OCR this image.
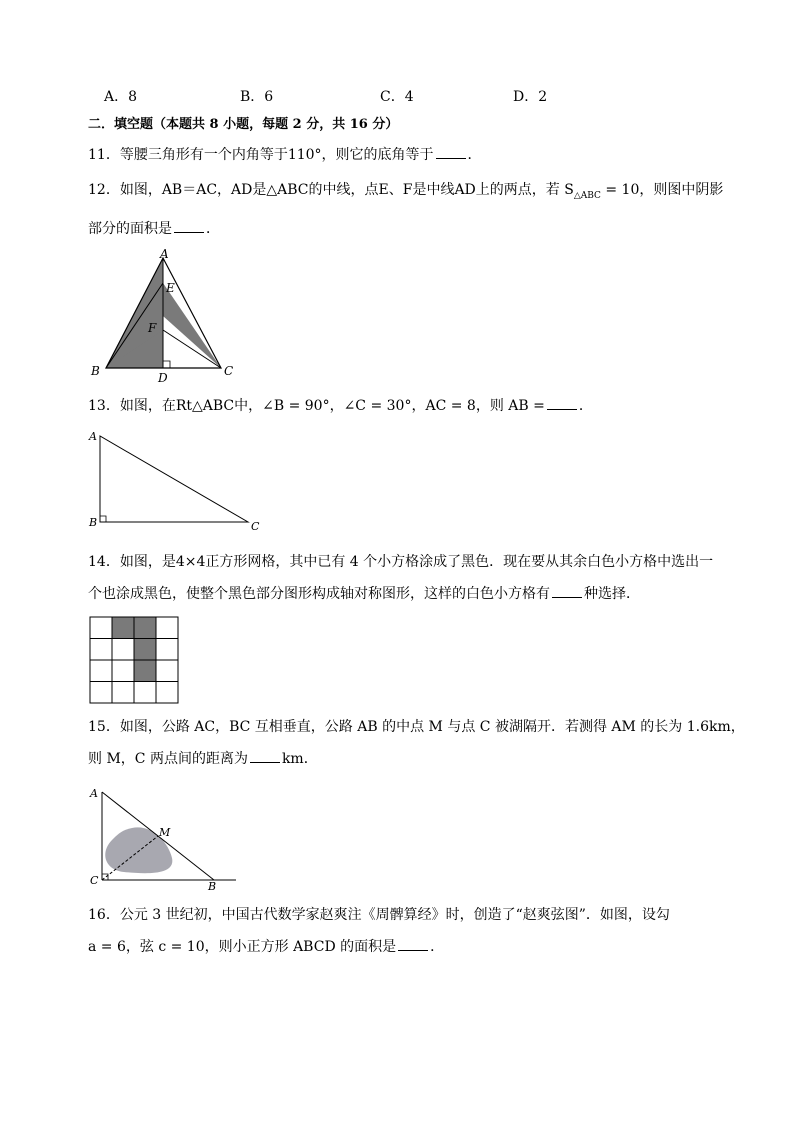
A．8	B．6	C．4	D．2
二．填空题（本题共 8 小题，每题 2 分，共 16 分）
11．等腰三角形有一个内角等于110°，则它的底角等于 ．
12．如图，AB＝AC，AD是△ABC的中线，点E、F是中线AD上的两点，若 $S_{\triangle ABC} = 10$，则图中阴影
部分的面积是 ．
A
E
F
B	C
D
13．如图，在Rt△ABC中，∠B = 90°，∠C = 30°，AC = 8，则 AB = ．
A
B	C
14．如图，是4×4正方形网格，其中已有 4 个小方格涂成了黑色．现在要从其余白色小方格中选出一
个也涂成黑色，使整个黑色部分图形构成轴对称图形，这样的白色小方格有 种选择．
15．如图，公路 AC，BC 互相垂直，公路 AB 的中点 M 与点 C 被湖隔开．若测得 AM 的长为 1.6km，
则 M，C 两点间的距离为 km．
A
M
C	B
16．公元 3 世纪初，中国古代数学家赵爽注《周髀算经》时，创造了“赵爽弦图”．如图，设勾
a = 6，弦 c = 10，则小正方形 ABCD 的面积是 ．
